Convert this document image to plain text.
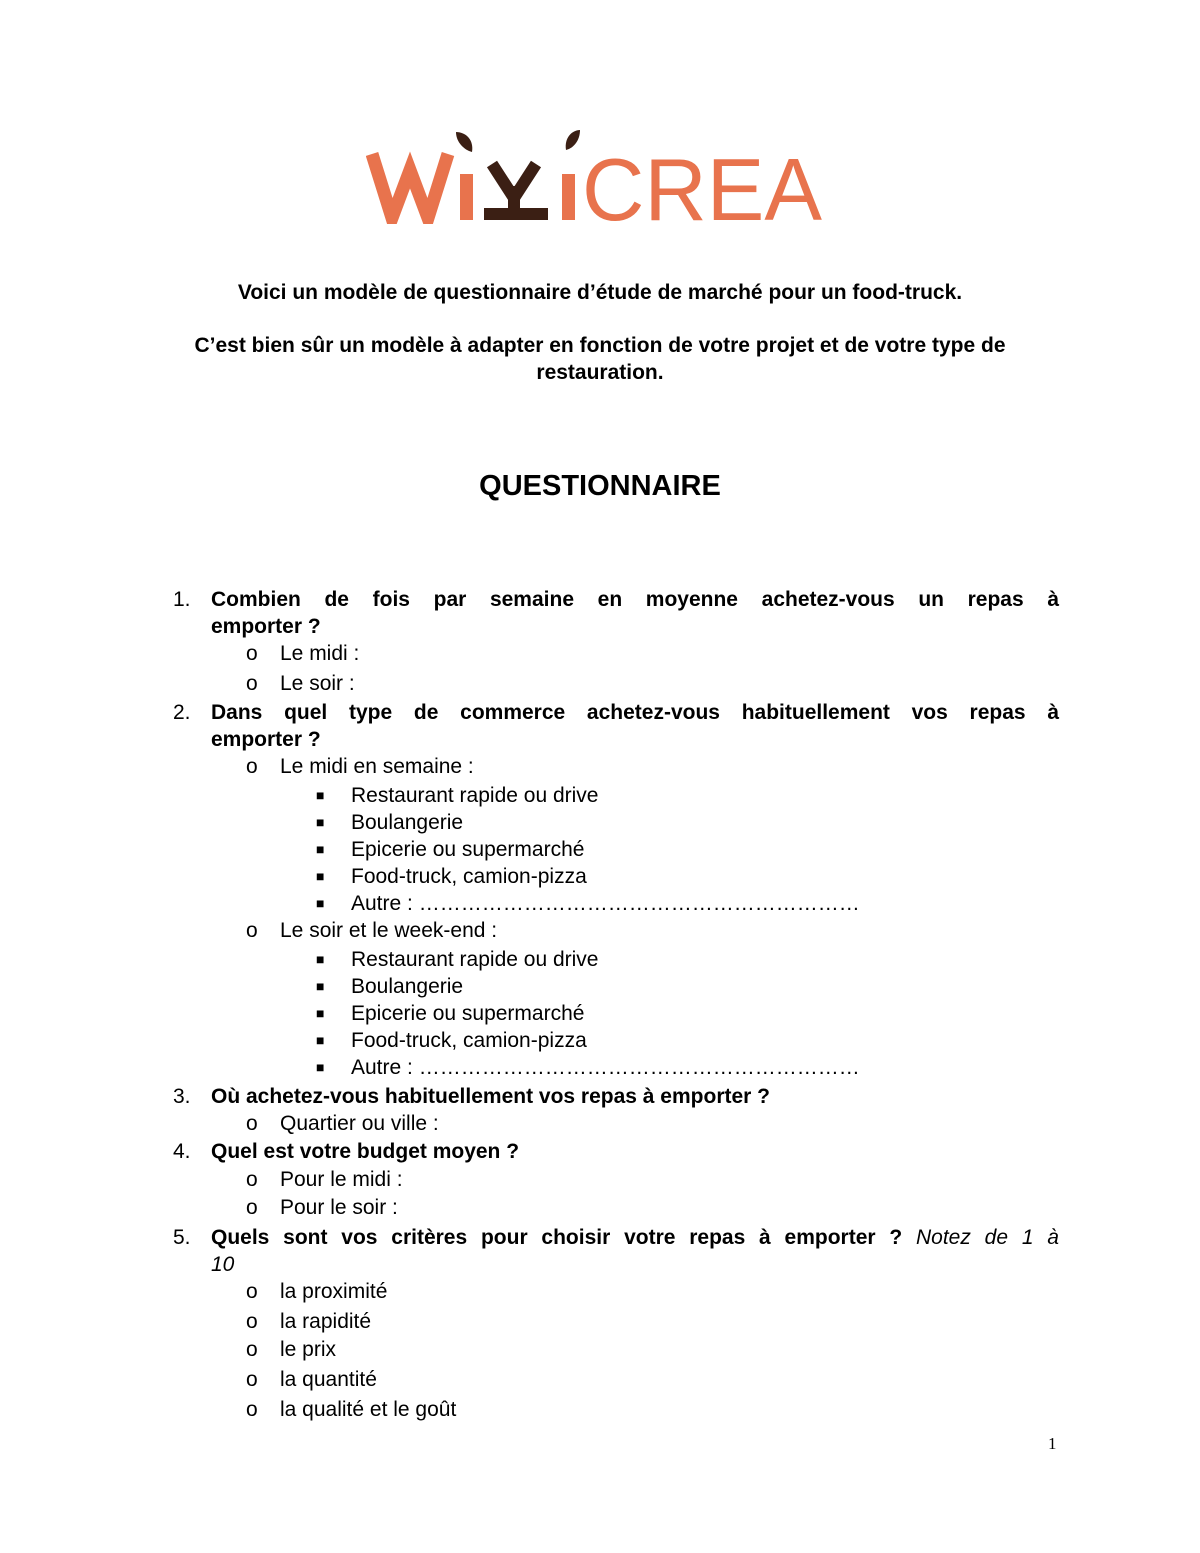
CREA
Voici un modèle de questionnaire d’étude de marché pour un food-truck.
C’est bien sûr un modèle à adapter en fonction de votre projet et de votre type de
restauration.
QUESTIONNAIRE
1. Combien de fois par semaine en moyenne achetez-vous un repas à
emporter ?
o Le midi :
o Le soir :
2. Dans quel type de commerce achetez-vous habituellement vos repas à
emporter ?
o Le midi en semaine :
■ Restaurant rapide ou drive
■ Boulangerie
■ Epicerie ou supermarché
■ Food-truck, camion-pizza
■ Autre : ………………………………………………………
o Le soir et le week-end :
■ Restaurant rapide ou drive
■ Boulangerie
■ Epicerie ou supermarché
■ Food-truck, camion-pizza
■ Autre : ………………………………………………………
3. Où achetez-vous habituellement vos repas à emporter ?
o Quartier ou ville :
4. Quel est votre budget moyen ?
o Pour le midi :
o Pour le soir :
5. Quels sont vos critères pour choisir votre repas à emporter ? Notez de 1 à
10
o la proximité
o la rapidité
o le prix
o la quantité
o la qualité et le goût
1
